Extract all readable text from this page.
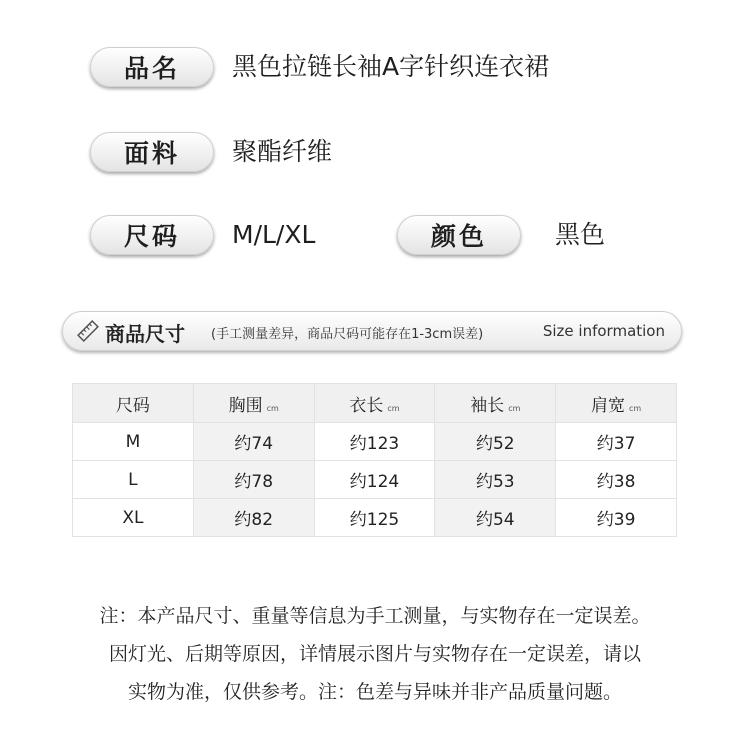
品名 黑色拉链长袖A字针织连衣裙
面料 聚酯纤维
尺码 M/L/XL	颜色	黑色
商品尺寸 (手工测量差异，商品尺码可能存在1-3cm误差)	Size information
尺码	胸围 cm	衣长 cm	袖长 cm	肩宽 cm
M	约74	约123	约52	约37
L	约78	约124	约53	约38
XL	约82	约125	约54	约39
注：本产品尺寸、重量等信息为手工测量，与实物存在一定误差。
因灯光、后期等原因，详情展示图片与实物存在一定误差，请以
实物为准，仅供参考。注：色差与异味并非产品质量问题。
